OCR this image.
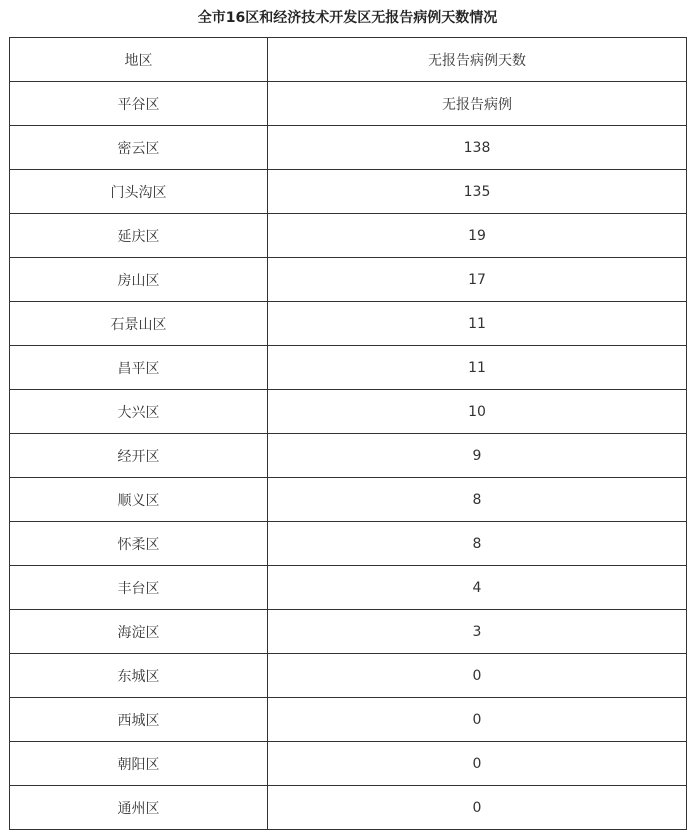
全市16区和经济技术开发区无报告病例天数情况
地区	无报告病例天数
平谷区	无报告病例
密云区	138
门头沟区	135
延庆区	19
房山区	17
石景山区	11
昌平区	11
大兴区	10
经开区	9
顺义区	8
怀柔区	8
丰台区	4
海淀区	3
东城区	0
西城区	0
朝阳区	0
通州区	0
